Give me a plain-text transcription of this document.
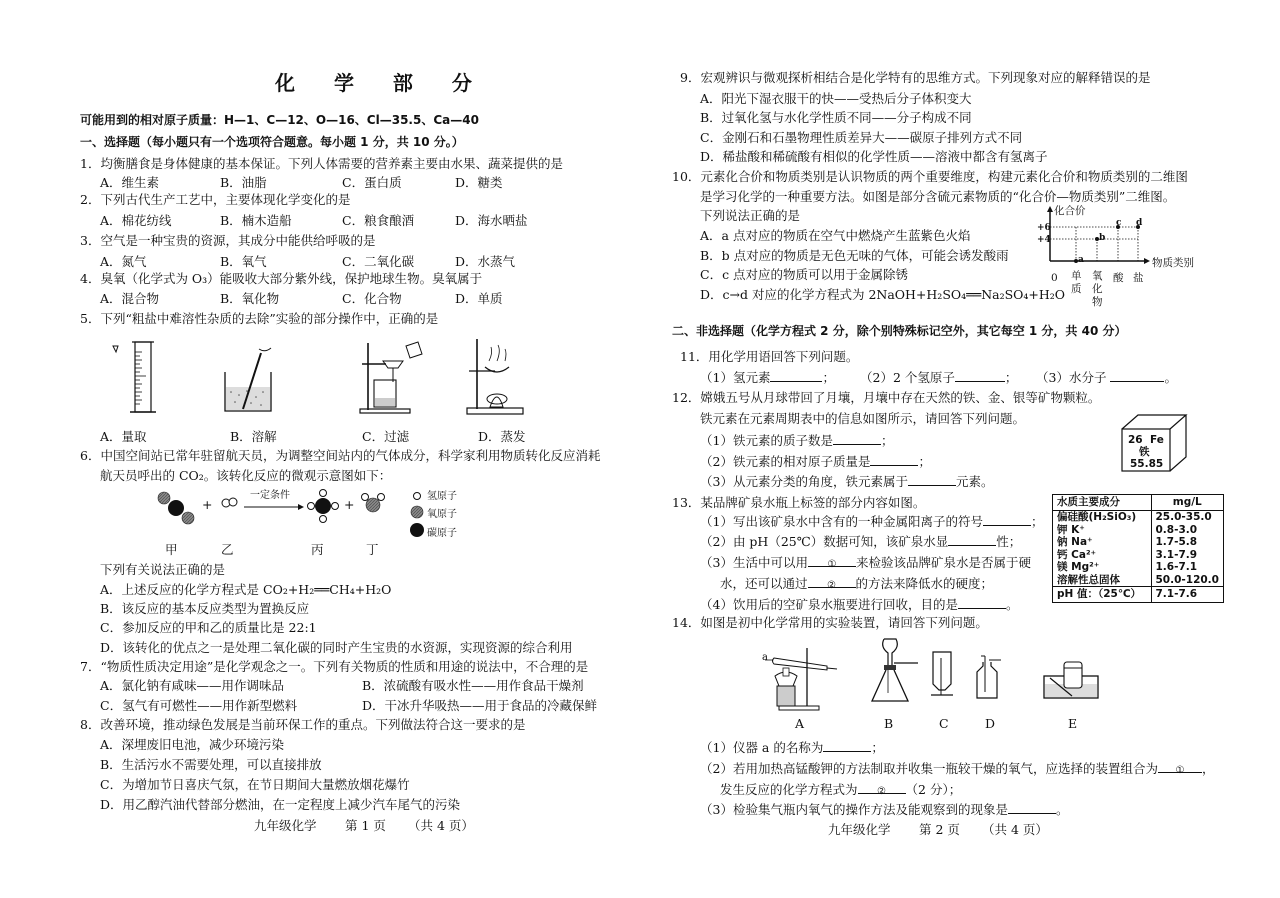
化 学 部 分
可能用到的相对原子质量：H—1、C—12、O—16、Cl—35.5、Ca—40
一、选择题（每小题只有一个选项符合题意。每小题 1 分，共 10 分。）
1．均衡膳食是身体健康的基本保证。下列人体需要的营养素主要由水果、蔬菜提供的是
A．维生素	B．油脂	C．蛋白质	D．糖类
2．下列古代生产工艺中，主要体现化学变化的是
A．棉花纺线	B．楠木造船	C．粮食酿酒	D．海水晒盐
3．空气是一种宝贵的资源，其成分中能供给呼吸的是
A．氮气	B．氧气	C．二氧化碳	D．水蒸气
4．臭氧（化学式为 O₃）能吸收大部分紫外线，保护地球生物。臭氧属于
A．混合物	B．氧化物	C．化合物	D．单质
5．下列“粗盐中难溶性杂质的去除”实验的部分操作中，正确的是
A．量取	B．溶解	C．过滤	D．蒸发
6．中国空间站已常年驻留航天员，为调整空间站内的气体成分，科学家利用物质转化反应消耗
航天员呼出的 CO₂。该转化反应的微观示意图如下：
+
一定条件
+
氢原子
氧原子
碳原子
甲	乙	丙	丁
下列有关说法正确的是
A．上述反应的化学方程式是 CO₂+H₂══CH₄+H₂O
B．该反应的基本反应类型为置换反应
C．参加反应的甲和乙的质量比是 22:1
D．该转化的优点之一是处理二氧化碳的同时产生宝贵的水资源，实现资源的综合利用
7．“物质性质决定用途”是化学观念之一。下列有关物质的性质和用途的说法中，不合理的是
A．氯化钠有咸味——用作调味品	B．浓硫酸有吸水性——用作食品干燥剂
C．氢气有可燃性——用作新型燃料	D．干冰升华吸热——用于食品的冷藏保鲜
8．改善环境，推动绿色发展是当前环保工作的重点。下列做法符合这一要求的是
A．深埋废旧电池，减少环境污染
B．生活污水不需要处理，可以直接排放
C．为增加节日喜庆气氛，在节日期间大量燃放烟花爆竹
D．用乙醇汽油代替部分燃油，在一定程度上减少汽车尾气的污染
九年级化学 第 1 页 （共 4 页）
9．宏观辨识与微观探析相结合是化学特有的思维方式。下列现象对应的解释错误的是
A．阳光下湿衣服干的快——受热后分子体积变大
B．过氧化氢与水化学性质不同——分子构成不同
C．金刚石和石墨物理性质差异大——碳原子排列方式不同
D．稀盐酸和稀硫酸有相似的化学性质——溶液中都含有氢离子
10．元素化合价和物质类别是认识物质的两个重要维度，构建元素化合价和物质类别的二维图
是学习化学的一种重要方法。如图是部分含硫元素物质的“化合价—物质类别”二维图。
下列说法正确的是
A．a 点对应的物质在空气中燃烧产生蓝紫色火焰
B．b 点对应的物质是无色无味的气体，可能会诱发酸雨
C．c 点对应的物质可以用于金属除锈
D．c→d 对应的化学方程式为 2NaOH+H₂SO₄══Na₂SO₄+H₂O
化合价
+6
+4
a
b
c d
物质类别
0 单质
氧化物
酸 盐
二、非选择题（化学方程式 2 分，除个别特殊标记空外，其它每空 1 分，共 40 分）
11．用化学用语回答下列问题。
（1）氢元素	； （2）2 个氢原子	； （3）水分子	。
12．嫦娥五号从月球带回了月壤，月壤中存在天然的铁、金、银等矿物颗粒。
铁元素在元素周期表中的信息如图所示，请回答下列问题。
（1）铁元素的质子数是	；
（2）铁元素的相对原子质量是	；
（3）从元素分类的角度，铁元素属于	元素。
26 Fe
铁
55.85
13．某品牌矿泉水瓶上标签的部分内容如图。
（1）写出该矿泉水中含有的一种金属阳离子的符号	；
（2）由 pH（25℃）数据可知，该矿泉水显	性；
（3）生活中可以用 ① 来检验该品牌矿泉水是否属于硬
水，还可以通过 ② 的方法来降低水的硬度；
（4）饮用后的空矿泉水瓶要进行回收，目的是	。
水质主要成分	mg/L
偏硅酸(H₂SiO₃)	25.0-35.0
钾 K⁺	0.8-3.0
钠 Na⁺	1.7-5.8
钙 Ca²⁺	3.1-7.9
镁 Mg²⁺	1.6-7.1
溶解性总固体	50.0-120.0
pH 值：（25℃）	7.1-7.6
14．如图是初中化学常用的实验装置，请回答下列问题。
a
A	B	C	D	E
（1）仪器 a 的名称为	；
（2）若用加热高锰酸钾的方法制取并收集一瓶较干燥的氧气，应选择的装置组合为 ① ，
发生反应的化学方程式为 ② （2 分）；
（3）检验集气瓶内氧气的操作方法及能观察到的现象是	。
九年级化学 第 2 页 （共 4 页）
